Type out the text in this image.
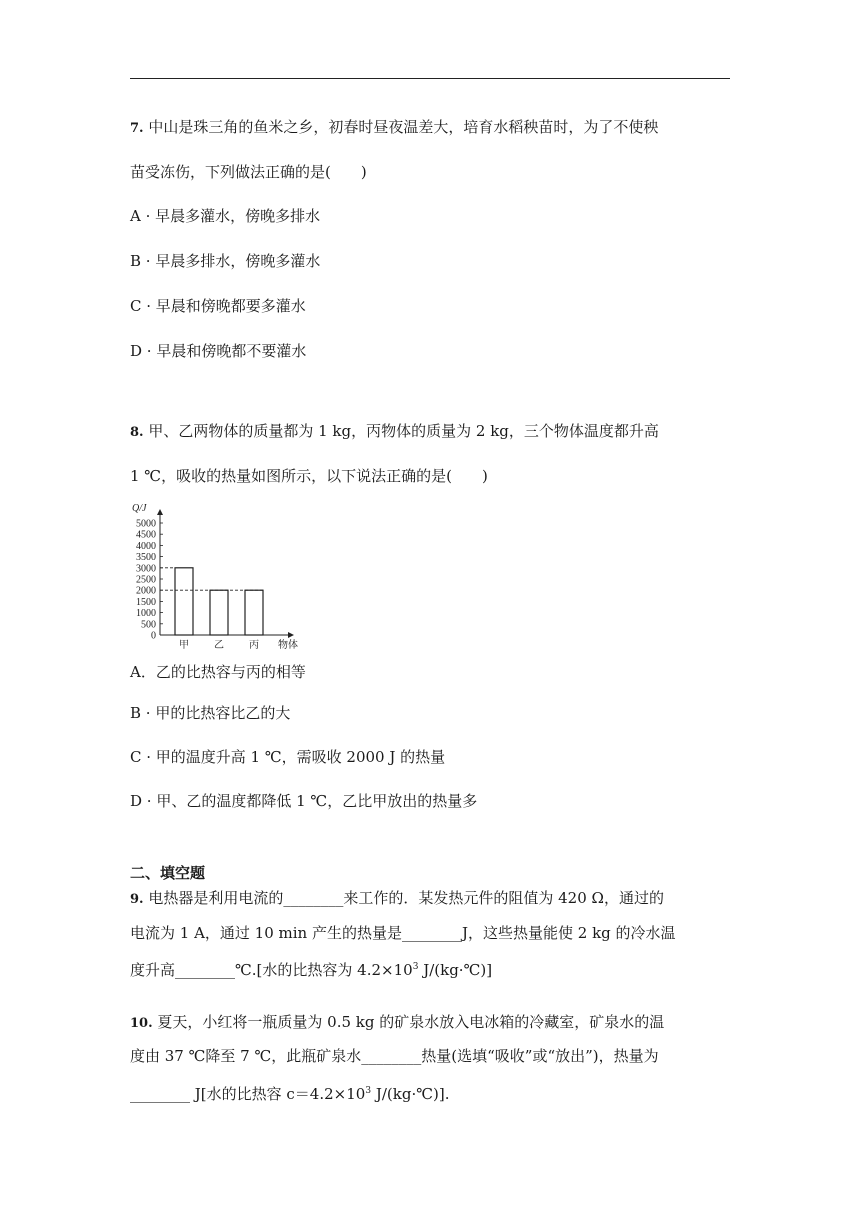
7. 中山是珠三角的鱼米之乡，初春时昼夜温差大，培育水稻秧苗时，为了不使秧
苗受冻伤，下列做法正确的是(　　)
A · 早晨多灌水，傍晚多排水
B · 早晨多排水，傍晚多灌水
C · 早晨和傍晚都要多灌水
D · 早晨和傍晚都不要灌水
8. 甲、乙两物体的质量都为 1 kg，丙物体的质量为 2 kg，三个物体温度都升高
1 ℃，吸收的热量如图所示，以下说法正确的是(　　)
5000
4500
4000
3500
3000
2500
2000
1500
1000
500
0
Q/J
甲	乙	丙 物体
A．乙的比热容与丙的相等
B · 甲的比热容比乙的大
C · 甲的温度升高 1 ℃，需吸收 2000 J 的热量
D · 甲、乙的温度都降低 1 ℃，乙比甲放出的热量多
二、填空题
9. 电热器是利用电流的________来工作的．某发热元件的阻值为 420 Ω，通过的
电流为 1 A，通过 10 min 产生的热量是________J，这些热量能使 2 kg 的冷水温
度升高________℃.[水的比热容为 $4.2\times 10^3$ J/(kg·℃)]
10. 夏天，小红将一瓶质量为 0.5 kg 的矿泉水放入电冰箱的冷藏室，矿泉水的温
度由 37 ℃降至 7 ℃，此瓶矿泉水________热量(选填“吸收”或“放出”)，热量为
________ J[水的比热容 $c=4.2\times 10^3$ J/(kg·℃)].
